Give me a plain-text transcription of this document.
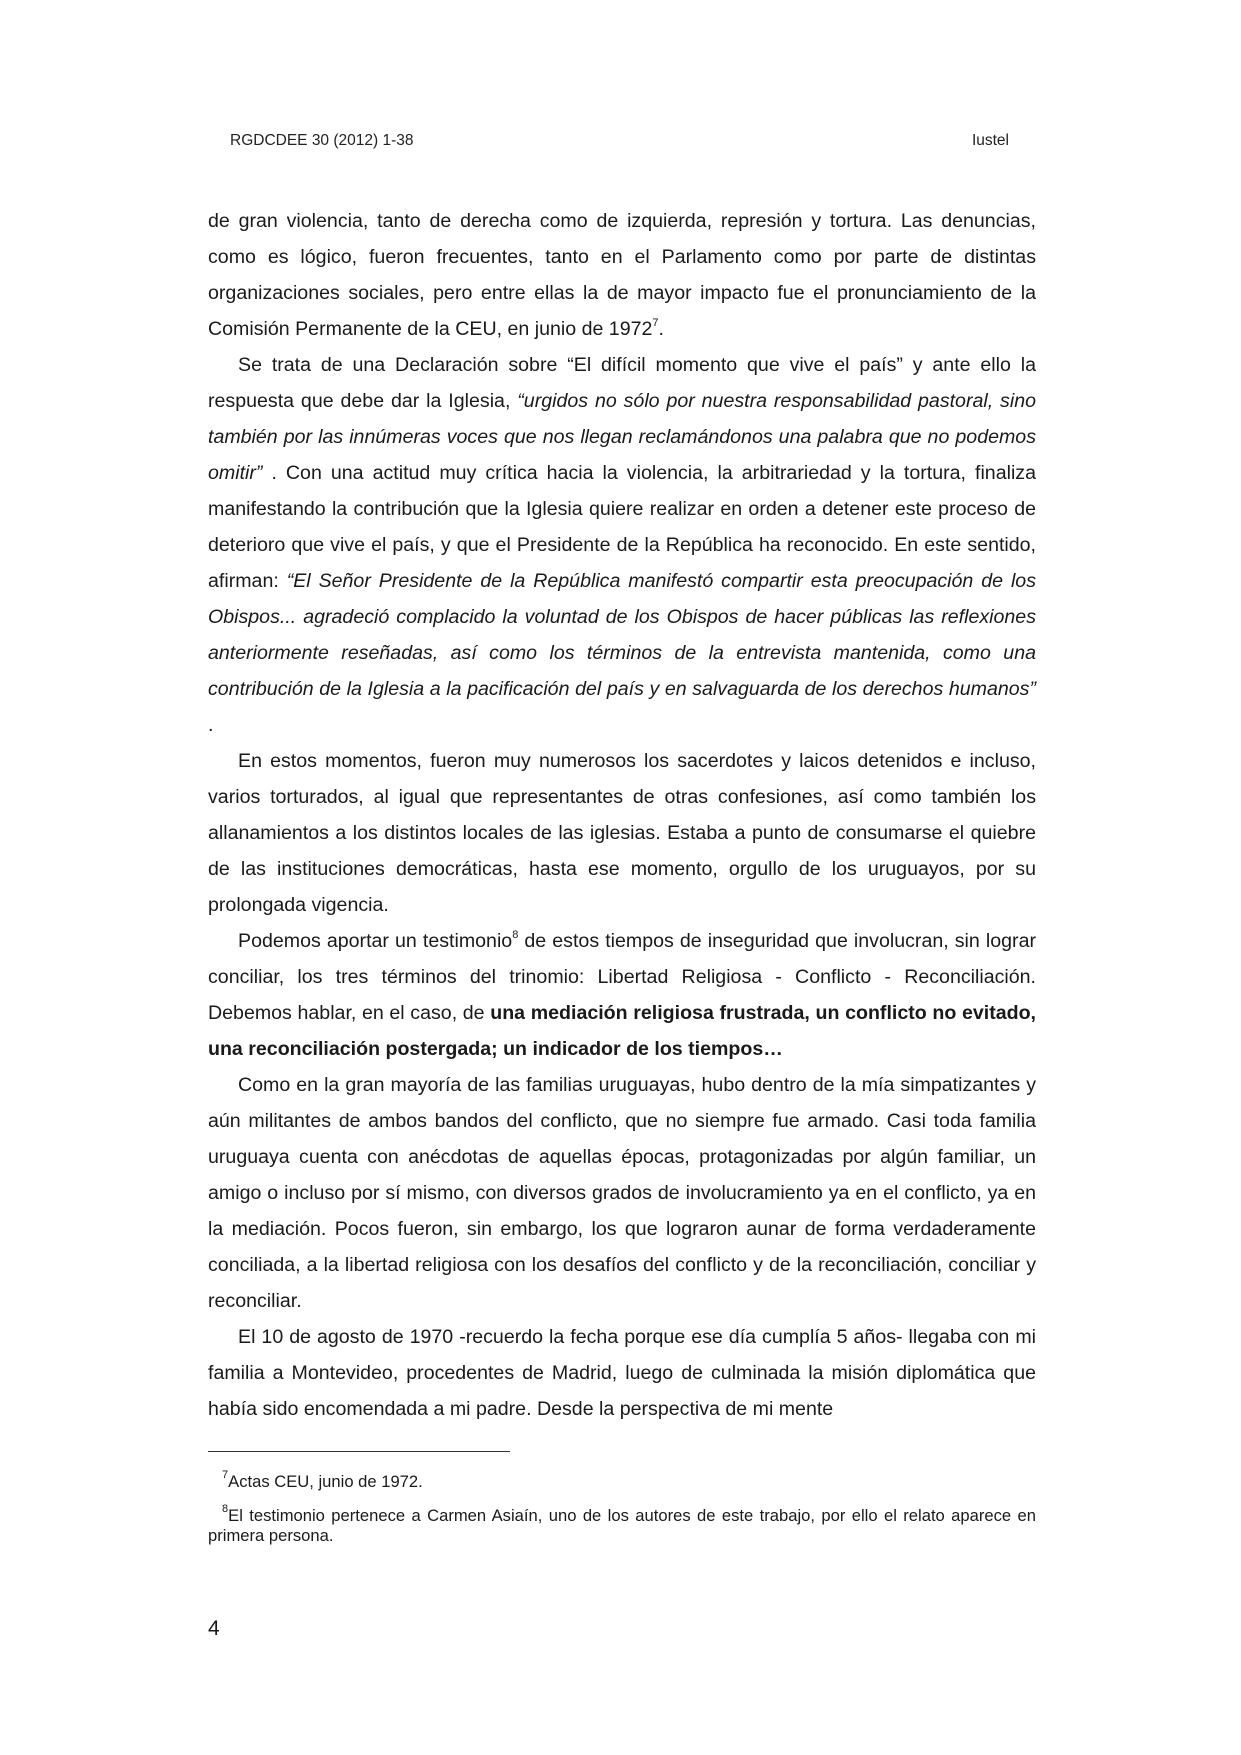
RGDCDEE 30 (2012) 1-38	Iustel

de gran violencia, tanto de derecha como de izquierda, represión y tortura. Las denuncias, como es lógico, fueron frecuentes, tanto en el Parlamento como por parte de distintas organizaciones sociales, pero entre ellas la de mayor impacto fue el pronunciamiento de la Comisión Permanente de la CEU, en junio de 1972$^7$.

Se trata de una Declaración sobre “El difícil momento que vive el país” y ante ello la respuesta que debe dar la Iglesia, “urgidos no sólo por nuestra responsabilidad pastoral, sino también por las innúmeras voces que nos llegan reclamándonos una palabra que no podemos omitir” . Con una actitud muy crítica hacia la violencia, la arbitrariedad y la tortura, finaliza manifestando la contribución que la Iglesia quiere realizar en orden a detener este proceso de deterioro que vive el país, y que el Presidente de la República ha reconocido. En este sentido, afirman: “El Señor Presidente de la República manifestó compartir esta preocupación de los Obispos... agradeció complacido la voluntad de los Obispos de hacer públicas las reflexiones anteriormente reseñadas, así como los términos de la entrevista mantenida, como una contribución de la Iglesia a la pacificación del país y en salvaguarda de los derechos humanos” .

En estos momentos, fueron muy numerosos los sacerdotes y laicos detenidos e incluso, varios torturados, al igual que representantes de otras confesiones, así como también los allanamientos a los distintos locales de las iglesias. Estaba a punto de consumarse el quiebre de las instituciones democráticas, hasta ese momento, orgullo de los uruguayos, por su prolongada vigencia.

Podemos aportar un testimonio$^8$ de estos tiempos de inseguridad que involucran, sin lograr conciliar, los tres términos del trinomio: Libertad Religiosa - Conflicto - Reconciliación. Debemos hablar, en el caso, de una mediación religiosa frustrada, un conflicto no evitado, una reconciliación postergada; un indicador de los tiempos…

Como en la gran mayoría de las familias uruguayas, hubo dentro de la mía simpatizantes y aún militantes de ambos bandos del conflicto, que no siempre fue armado. Casi toda familia uruguaya cuenta con anécdotas de aquellas épocas, protagonizadas por algún familiar, un amigo o incluso por sí mismo, con diversos grados de involucramiento ya en el conflicto, ya en la mediación. Pocos fueron, sin embargo, los que lograron aunar de forma verdaderamente conciliada, a la libertad religiosa con los desafíos del conflicto y de la reconciliación, conciliar y reconciliar.

El 10 de agosto de 1970 -recuerdo la fecha porque ese día cumplía 5 años- llegaba con mi familia a Montevideo, procedentes de Madrid, luego de culminada la misión diplomática que había sido encomendada a mi padre. Desde la perspectiva de mi mente

$^7$Actas CEU, junio de 1972.
$^8$El testimonio pertenece a Carmen Asiaín, uno de los autores de este trabajo, por ello el relato aparece en primera persona.
4
